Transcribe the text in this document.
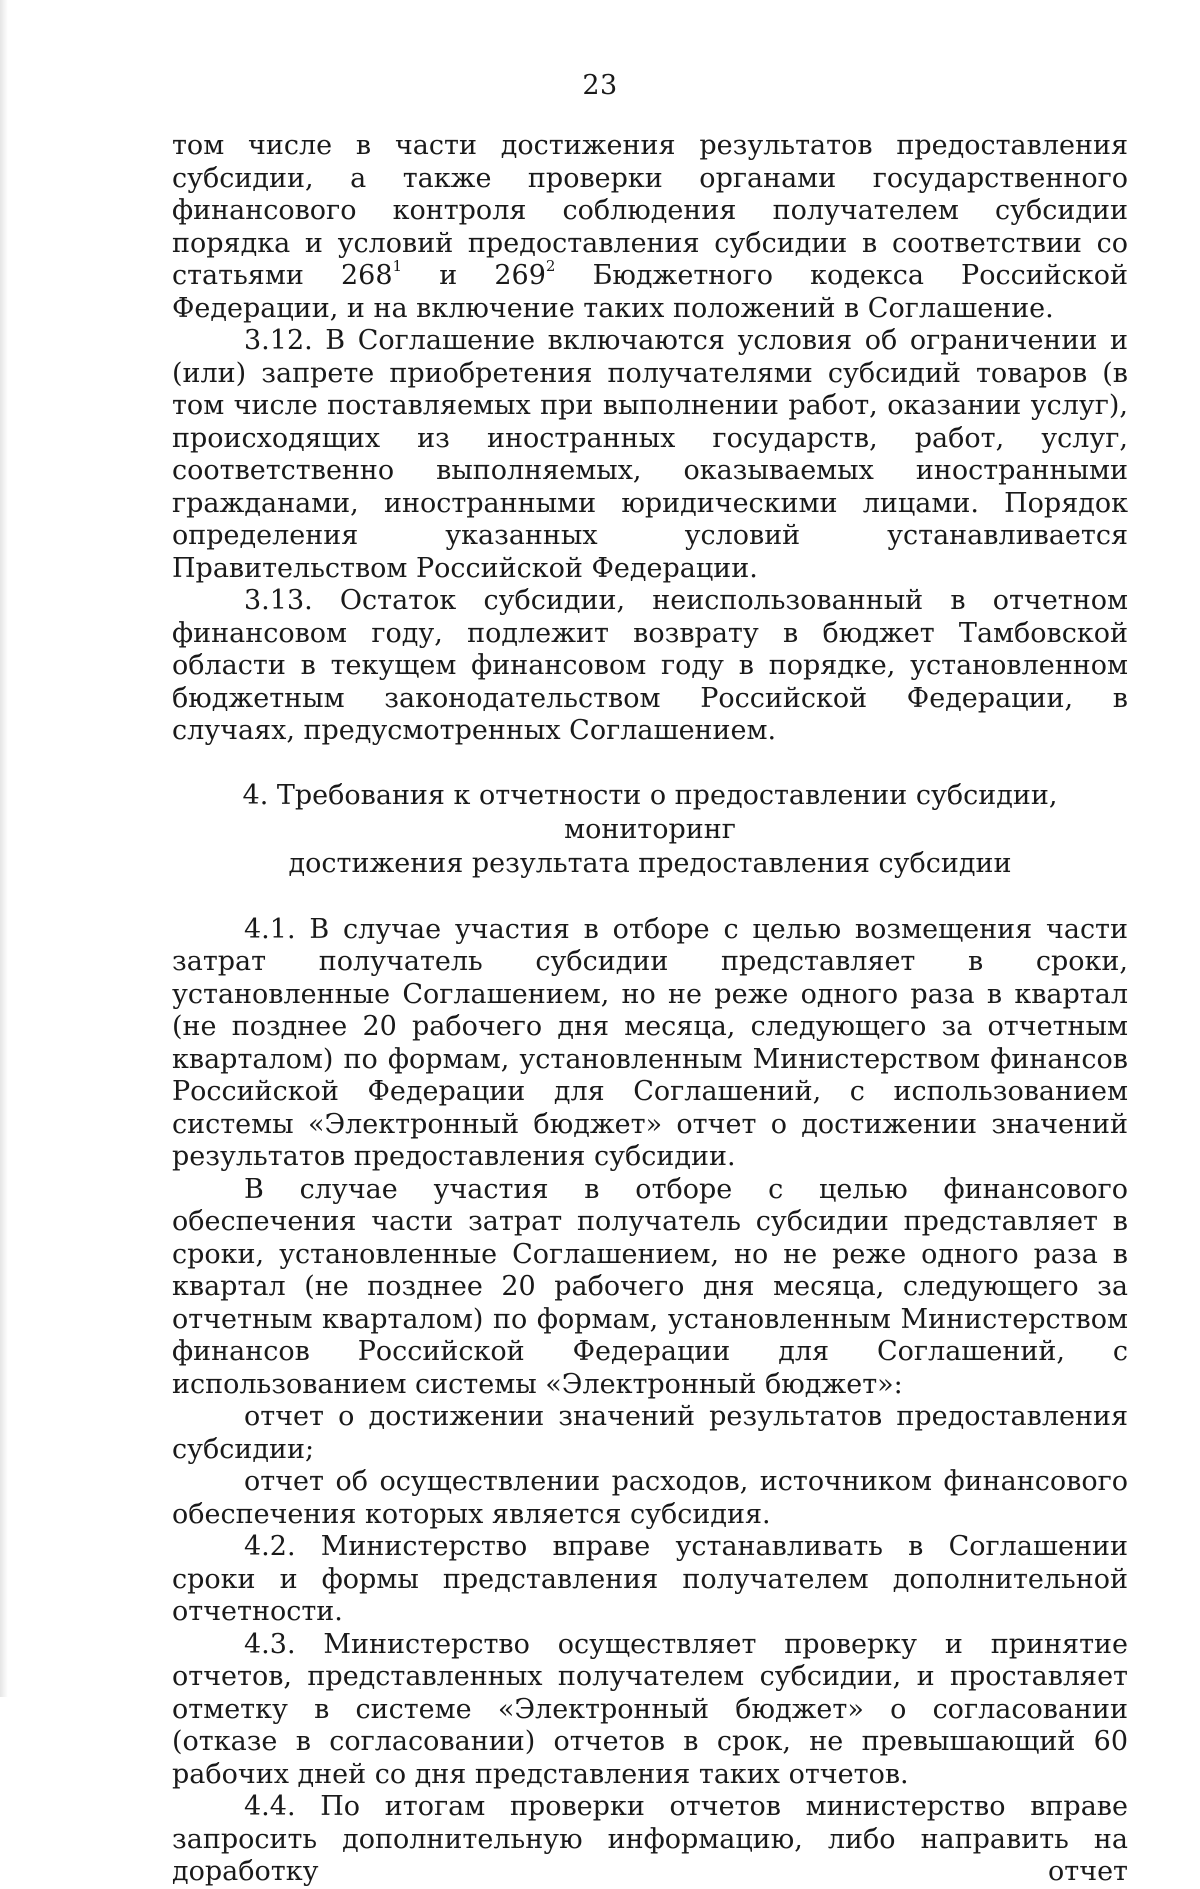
23

том числе в части достижения результатов предоставления субсидии, а также проверки органами государственного финансового контроля соблюдения получателем субсидии порядка и условий предоставления субсидии в соответствии со статьями $268^1$ и $269^2$ Бюджетного кодекса Российской Федерации, и на включение таких положений в Соглашение.

3.12. В Соглашение включаются условия об ограничении и (или) запрете приобретения получателями субсидий товаров (в том числе поставляемых при выполнении работ, оказании услуг), происходящих из иностранных государств, работ, услуг, соответственно выполняемых, оказываемых иностранными гражданами, иностранными юридическими лицами. Порядок определения указанных условий устанавливается Правительством Российской Федерации.

3.13. Остаток субсидии, неиспользованный в отчетном финансовом году, подлежит возврату в бюджет Тамбовской области в текущем финансовом году в порядке, установленном бюджетным законодательством Российской Федерации, в случаях, предусмотренных Соглашением.

4. Требования к отчетности о предоставлении субсидии, мониторинг
достижения результата предоставления субсидии

4.1. В случае участия в отборе с целью возмещения части затрат получатель субсидии представляет в сроки, установленные Соглашением, но не реже одного раза в квартал (не позднее 20 рабочего дня месяца, следующего за отчетным кварталом) по формам, установленным Министерством финансов Российской Федерации для Соглашений, с использованием системы «Электронный бюджет» отчет о достижении значений результатов предоставления субсидии.

В случае участия в отборе с целью финансового обеспечения части затрат получатель субсидии представляет в сроки, установленные Соглашением, но не реже одного раза в квартал (не позднее 20 рабочего дня месяца, следующего за отчетным кварталом) по формам, установленным Министерством финансов Российской Федерации для Соглашений, с использованием системы «Электронный бюджет»:

отчет о достижении значений результатов предоставления субсидии;

отчет об осуществлении расходов, источником финансового обеспечения которых является субсидия.

4.2. Министерство вправе устанавливать в Соглашении сроки и формы представления получателем дополнительной отчетности.

4.3. Министерство осуществляет проверку и принятие отчетов, представленных получателем субсидии, и проставляет отметку в системе «Электронный бюджет» о согласовании (отказе в согласовании) отчетов в срок, не превышающий 60 рабочих дней со дня представления таких отчетов.

4.4. По итогам проверки отчетов министерство вправе запросить дополнительную информацию, либо направить на доработку отчет
